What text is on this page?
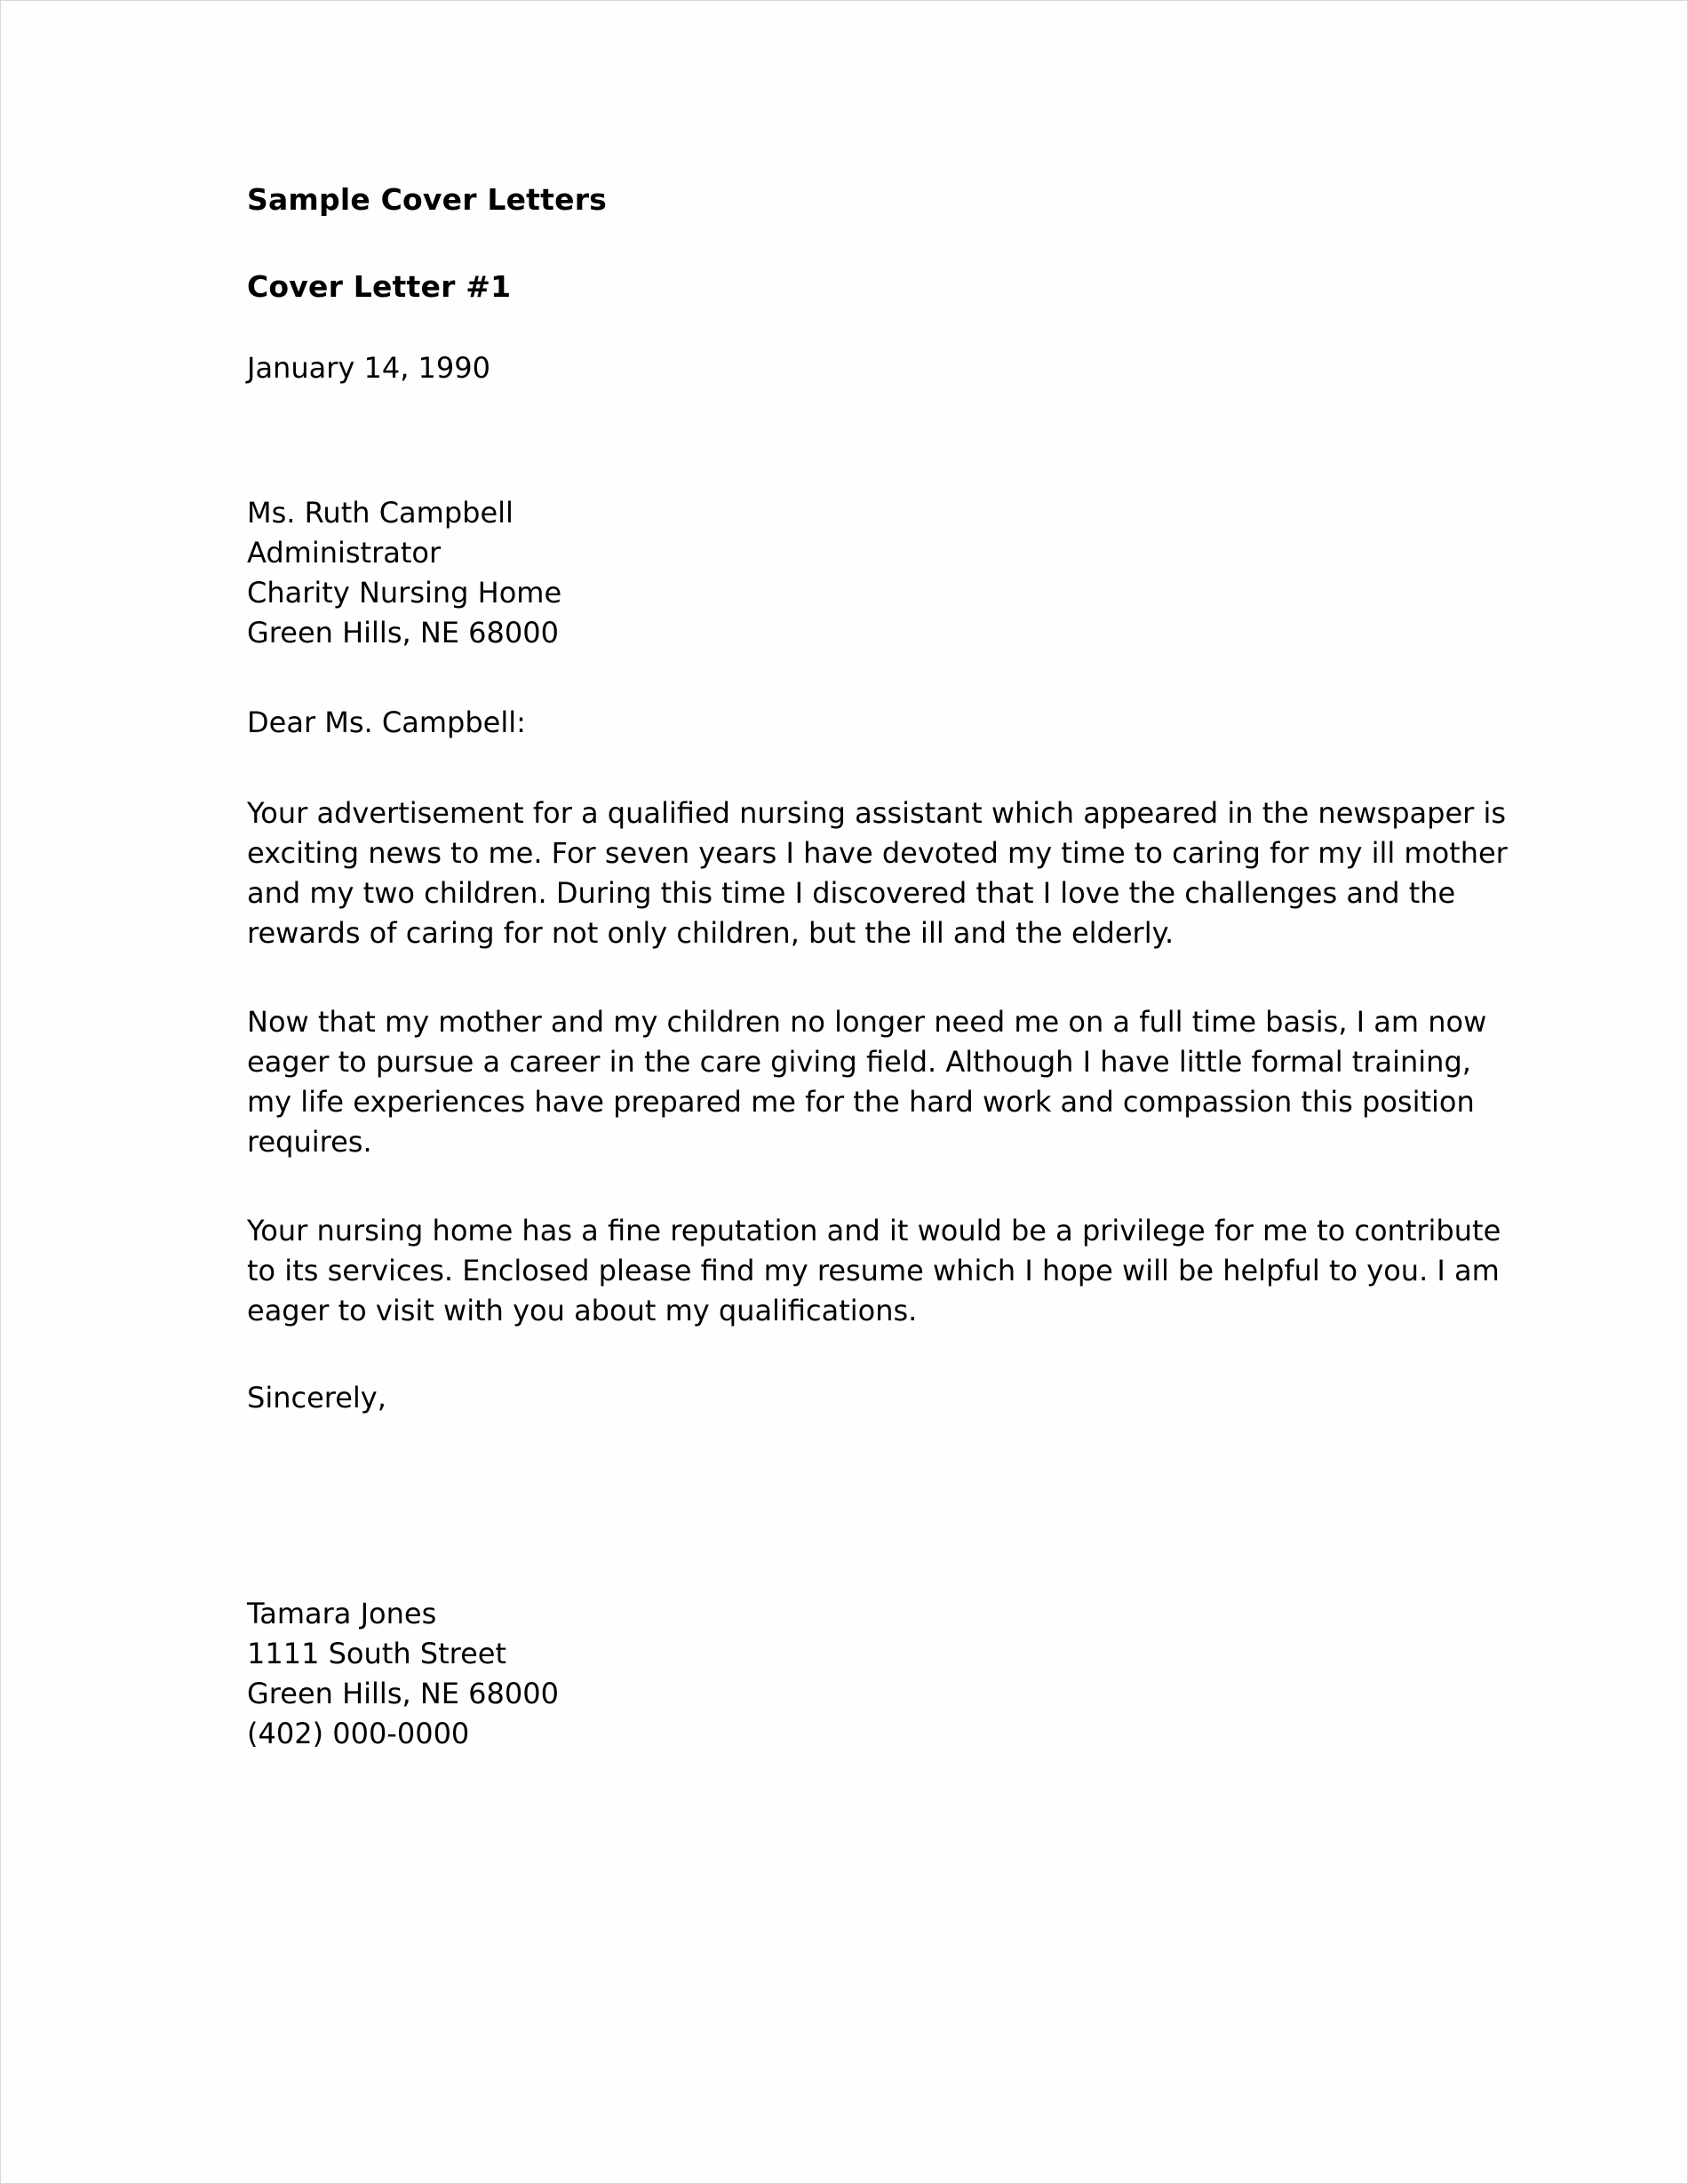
Sample Cover Letters
Cover Letter #1
January 14, 1990
Ms. Ruth Campbell
Administrator
Charity Nursing Home
Green Hills, NE 68000
Dear Ms. Campbell:
Your advertisement for a qualified nursing assistant which appeared in the newspaper is exciting news to me. For seven years I have devoted my time to caring for my ill mother and my two children. During this time I discovered that I love the challenges and the rewards of caring for not only children, but the ill and the elderly.
Now that my mother and my children no longer need me on a full time basis, I am now eager to pursue a career in the care giving field. Although I have little formal training, my life experiences have prepared me for the hard work and compassion this position requires.
Your nursing home has a fine reputation and it would be a privilege for me to contribute to its services. Enclosed please find my resume which I hope will be helpful to you. I am eager to visit with you about my qualifications.
Sincerely,
Tamara Jones
1111 South Street
Green Hills, NE 68000
(402) 000-0000
